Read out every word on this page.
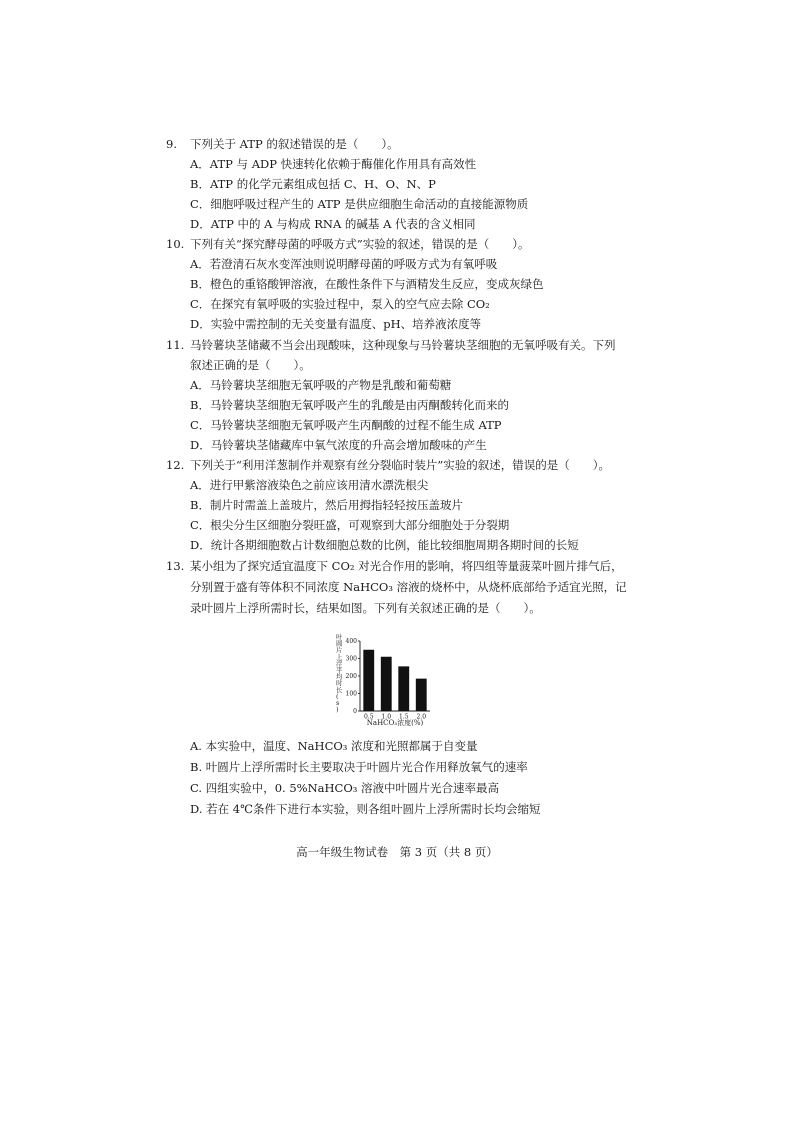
9. 下列关于 ATP 的叙述错误的是（　　）。
A．ATP 与 ADP 快速转化依赖于酶催化作用具有高效性
B．ATP 的化学元素组成包括 C、H、O、N、P
C．细胞呼吸过程产生的 ATP 是供应细胞生命活动的直接能源物质
D．ATP 中的 A 与构成 RNA 的碱基 A 代表的含义相同
10. 下列有关“探究酵母菌的呼吸方式”实验的叙述，错误的是（　　）。
A．若澄清石灰水变浑浊则说明酵母菌的呼吸方式为有氧呼吸
B．橙色的重铬酸钾溶液，在酸性条件下与酒精发生反应，变成灰绿色
C．在探究有氧呼吸的实验过程中，泵入的空气应去除 CO₂
D．实验中需控制的无关变量有温度、pH、培养液浓度等
11. 马铃薯块茎储藏不当会出现酸味，这种现象与马铃薯块茎细胞的无氧呼吸有关。下列
叙述正确的是（　　）。
A．马铃薯块茎细胞无氧呼吸的产物是乳酸和葡萄糖
B．马铃薯块茎细胞无氧呼吸产生的乳酸是由丙酮酸转化而来的
C．马铃薯块茎细胞无氧呼吸产生丙酮酸的过程不能生成 ATP
D．马铃薯块茎储藏库中氧气浓度的升高会增加酸味的产生
12. 下列关于“利用洋葱制作并观察有丝分裂临时装片”实验的叙述，错误的是（　　）。
A．进行甲紫溶液染色之前应该用清水漂洗根尖
B．制片时需盖上盖玻片，然后用拇指轻轻按压盖玻片
C．根尖分生区细胞分裂旺盛，可观察到大部分细胞处于分裂期
D．统计各期细胞数占计数细胞总数的比例，能比较细胞周期各期时间的长短
13. 某小组为了探究适宜温度下 CO₂ 对光合作用的影响，将四组等量菠菜叶圆片排气后，
分别置于盛有等体积不同浓度 NaHCO₃ 溶液的烧杯中，从烧杯底部给予适宜光照，记
录叶圆片上浮所需时长，结果如图。下列有关叙述正确的是（　　）。
叶圆片上浮平均时长( s )	0
100
200
300
400
0.5 1.0 1.5 2.0
NaHCO₃浓度(%)
A. 本实验中，温度、NaHCO₃ 浓度和光照都属于自变量
B. 叶圆片上浮所需时长主要取决于叶圆片光合作用释放氧气的速率
C. 四组实验中，0. 5%NaHCO₃ 溶液中叶圆片光合速率最高
D. 若在 4℃条件下进行本实验，则各组叶圆片上浮所需时长均会缩短
高一年级生物试卷　第 3 页（共 8 页）
